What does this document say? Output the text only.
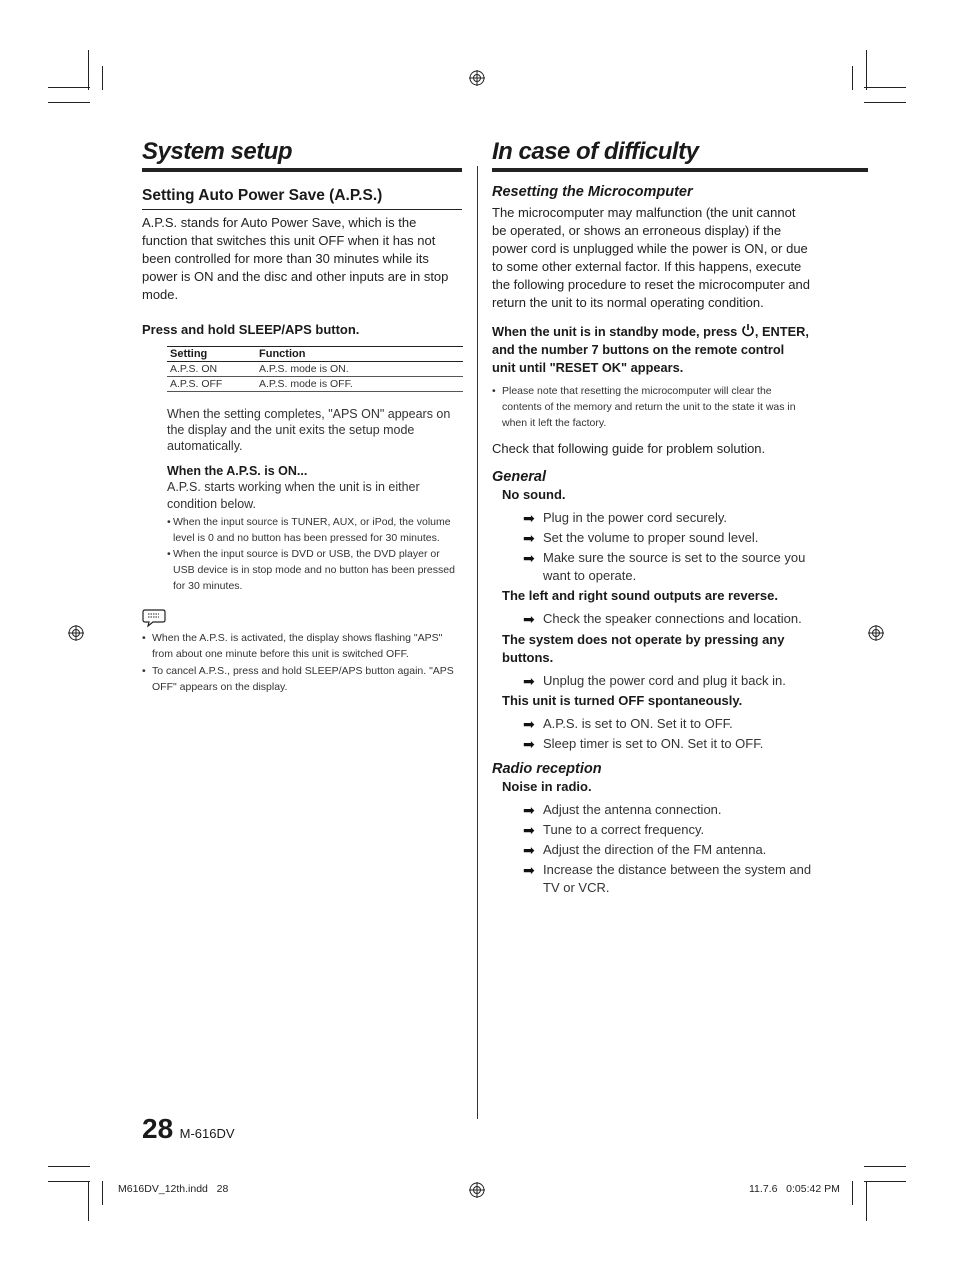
System setup
Setting Auto Power Save (A.P.S.)

A.P.S. stands for Auto Power Save, which is the function that switches this unit OFF when it has not been controlled for more than 30 minutes while its power is ON and the disc and other inputs are in stop mode.

Press and hold SLEEP/APS button.

Setting	Function
A.P.S. ON	A.P.S. mode is ON.
A.P.S. OFF	A.P.S. mode is OFF.

When the setting completes, "APS ON" appears on the display and the unit exits the setup mode automatically.

When the A.P.S. is ON...

A.P.S. starts working when the unit is in either condition below.

• When the input source is TUNER, AUX, or iPod, the volume level is 0 and no button has been pressed for 30 minutes.
• When the input source is DVD or USB, the DVD player or USB device is in stop mode and no button has been pressed for 30 minutes.
• When the A.P.S. is activated, the display shows flashing "APS" from about one minute before this unit is switched OFF.
• To cancel A.P.S., press and hold SLEEP/APS button again. "APS OFF" appears on the display.
In case of difficulty

Resetting the Microcomputer

The microcomputer may malfunction (the unit cannot be operated, or shows an erroneous display) if the power cord is unplugged while the power is ON, or due to some other external factor. If this happens, execute the following procedure to reset the microcomputer and return the unit to its normal operating condition.

When the unit is in standby mode, press , ENTER, and the number 7 buttons on the remote control unit until "RESET OK" appears.

• Please note that resetting the microcomputer will clear the contents of the memory and return the unit to the state it was in when it left the factory.

Check that following guide for problem solution.

General

No sound.

➡ Plug in the power cord securely.
➡ Set the volume to proper sound level.
➡ Make sure the source is set to the source you want to operate.

The left and right sound outputs are reverse.

➡ Check the speaker connections and location.

The system does not operate by pressing any buttons.

➡ Unplug the power cord and plug it back in.

This unit is turned OFF spontaneously.

➡ A.P.S. is set to ON. Set it to OFF.
➡ Sleep timer is set to ON. Set it to OFF.

Radio reception

Noise in radio.

➡ Adjust the antenna connection.
➡ Tune to a correct frequency.
➡ Adjust the direction of the FM antenna.
➡ Increase the distance between the system and TV or VCR.
28 M-616DV
M616DV_12th.indd   28	11.7.6   0:05:42 PM
